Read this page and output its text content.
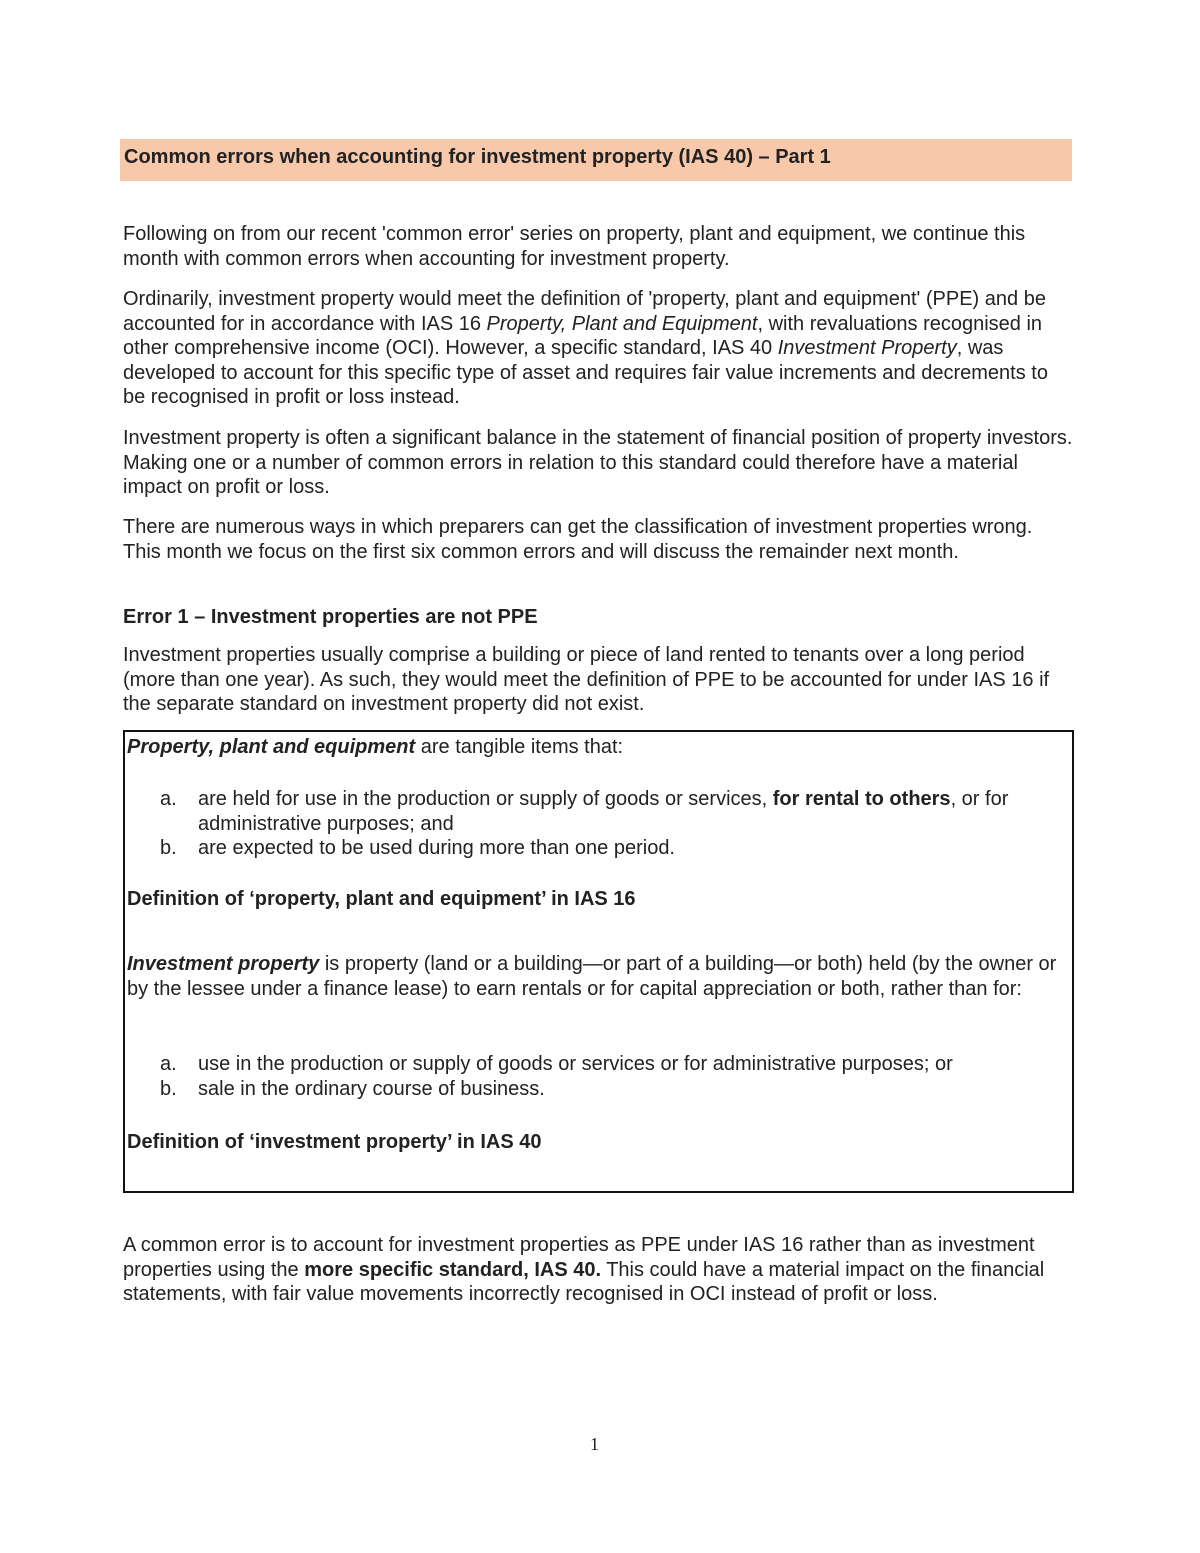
Common errors when accounting for investment property (IAS 40) – Part 1

Following on from our recent 'common error' series on property, plant and equipment, we continue this month with common errors when accounting for investment property.

Ordinarily, investment property would meet the definition of 'property, plant and equipment' (PPE) and be accounted for in accordance with IAS 16 Property, Plant and Equipment, with revaluations recognised in other comprehensive income (OCI). However, a specific standard, IAS 40 Investment Property, was developed to account for this specific type of asset and requires fair value increments and decrements to be recognised in profit or loss instead.

Investment property is often a significant balance in the statement of financial position of property investors. Making one or a number of common errors in relation to this standard could therefore have a material impact on profit or loss.

There are numerous ways in which preparers can get the classification of investment properties wrong. This month we focus on the first six common errors and will discuss the remainder next month.

Error 1 – Investment properties are not PPE

Investment properties usually comprise a building or piece of land rented to tenants over a long period (more than one year). As such, they would meet the definition of PPE to be accounted for under IAS 16 if the separate standard on investment property did not exist.

Property, plant and equipment are tangible items that:

a. are held for use in the production or supply of goods or services, for rental to others, or for administrative purposes; and
b. are expected to be used during more than one period.

Definition of ‘property, plant and equipment’ in IAS 16

Investment property is property (land or a building—or part of a building—or both) held (by the owner or by the lessee under a finance lease) to earn rentals or for capital appreciation or both, rather than for:

a. use in the production or supply of goods or services or for administrative purposes; or
b. sale in the ordinary course of business.

Definition of ‘investment property’ in IAS 40

A common error is to account for investment properties as PPE under IAS 16 rather than as investment properties using the more specific standard, IAS 40. This could have a material impact on the financial statements, with fair value movements incorrectly recognised in OCI instead of profit or loss.

1
